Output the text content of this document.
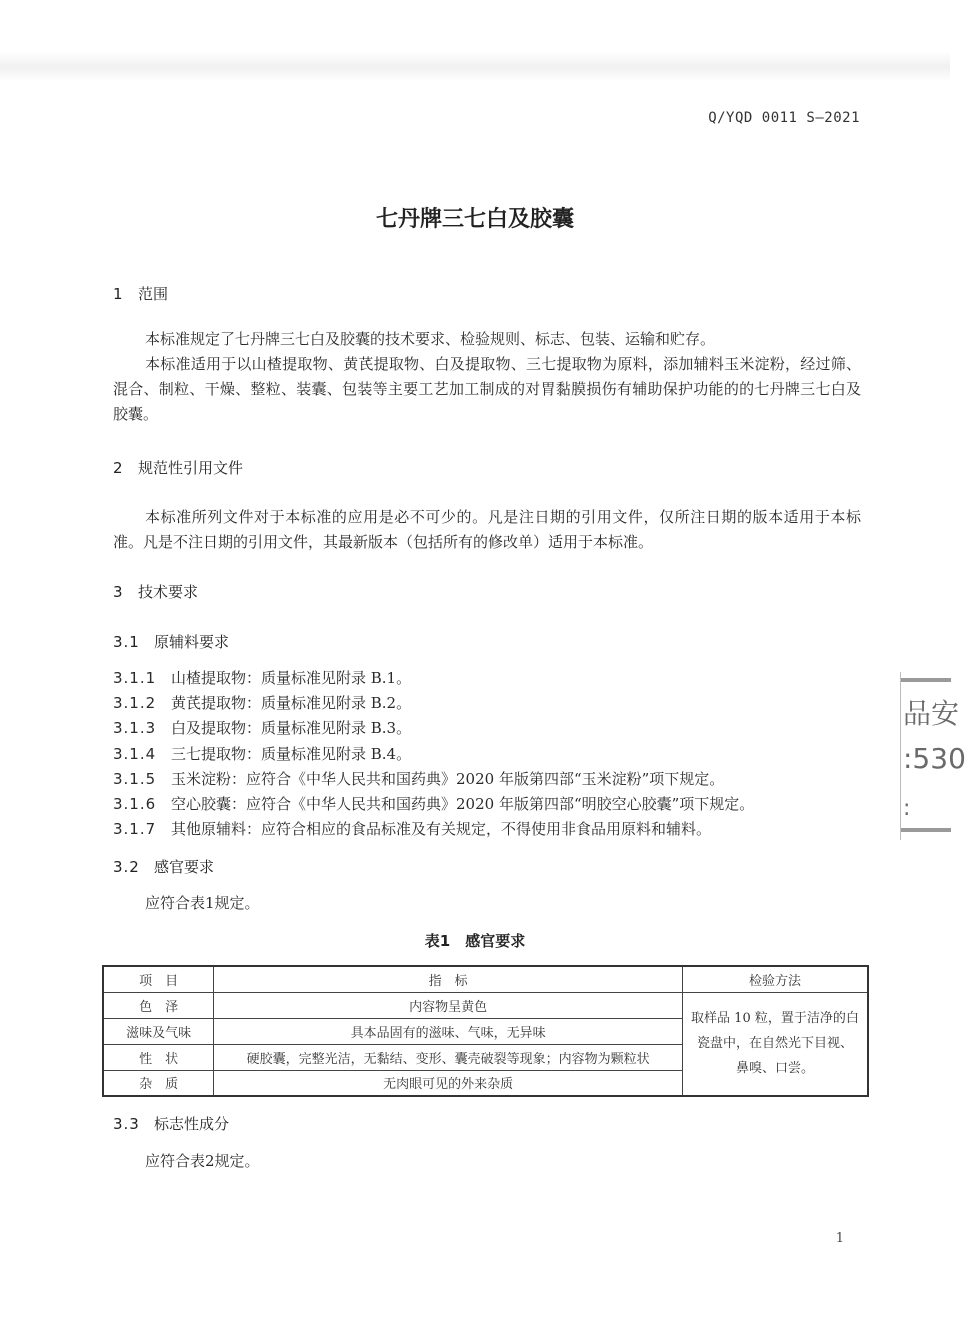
Q/YQD 0011 S—2021
七丹牌三七白及胶囊
1 范围
本标准规定了七丹牌三七白及胶囊的技术要求、检验规则、标志、包装、运输和贮存。
本标准适用于以山楂提取物、黄芪提取物、白及提取物、三七提取物为原料，添加辅料玉米淀粉，经过筛、混合、制粒、干燥、整粒、装囊、包装等主要工艺加工制成的对胃黏膜损伤有辅助保护功能的的七丹牌三七白及胶囊。
2 规范性引用文件
本标准所列文件对于本标准的应用是必不可少的。凡是注日期的引用文件，仅所注日期的版本适用于本标准。凡是不注日期的引用文件，其最新版本（包括所有的修改单）适用于本标准。
3 技术要求
3.1 原辅料要求
3.1.1 山楂提取物：质量标准见附录 B.1。
3.1.2 黄芪提取物：质量标准见附录 B.2。
3.1.3 白及提取物：质量标准见附录 B.3。
3.1.4 三七提取物：质量标准见附录 B.4。
3.1.5 玉米淀粉：应符合《中华人民共和国药典》2020 年版第四部“玉米淀粉”项下规定。
3.1.6 空心胶囊：应符合《中华人民共和国药典》2020 年版第四部“明胶空心胶囊”项下规定。
3.1.7 其他原辅料：应符合相应的食品标准及有关规定，不得使用非食品用原料和辅料。
3.2 感官要求
应符合表1规定。
表1　感官要求
项　目	指　标	检验方法
色　泽	内容物呈黄色	取样品 10 粒，置于洁净的白瓷盘中，在自然光下目视、鼻嗅、口尝。
滋味及气味	具本品固有的滋味、气味，无异味	
性　状	硬胶囊，完整光洁，无黏结、变形、囊壳破裂等现象；内容物为颗粒状	
杂　质	无肉眼可见的外来杂质	
3.3 标志性成分
应符合表2规定。
1
品安
:530
:
